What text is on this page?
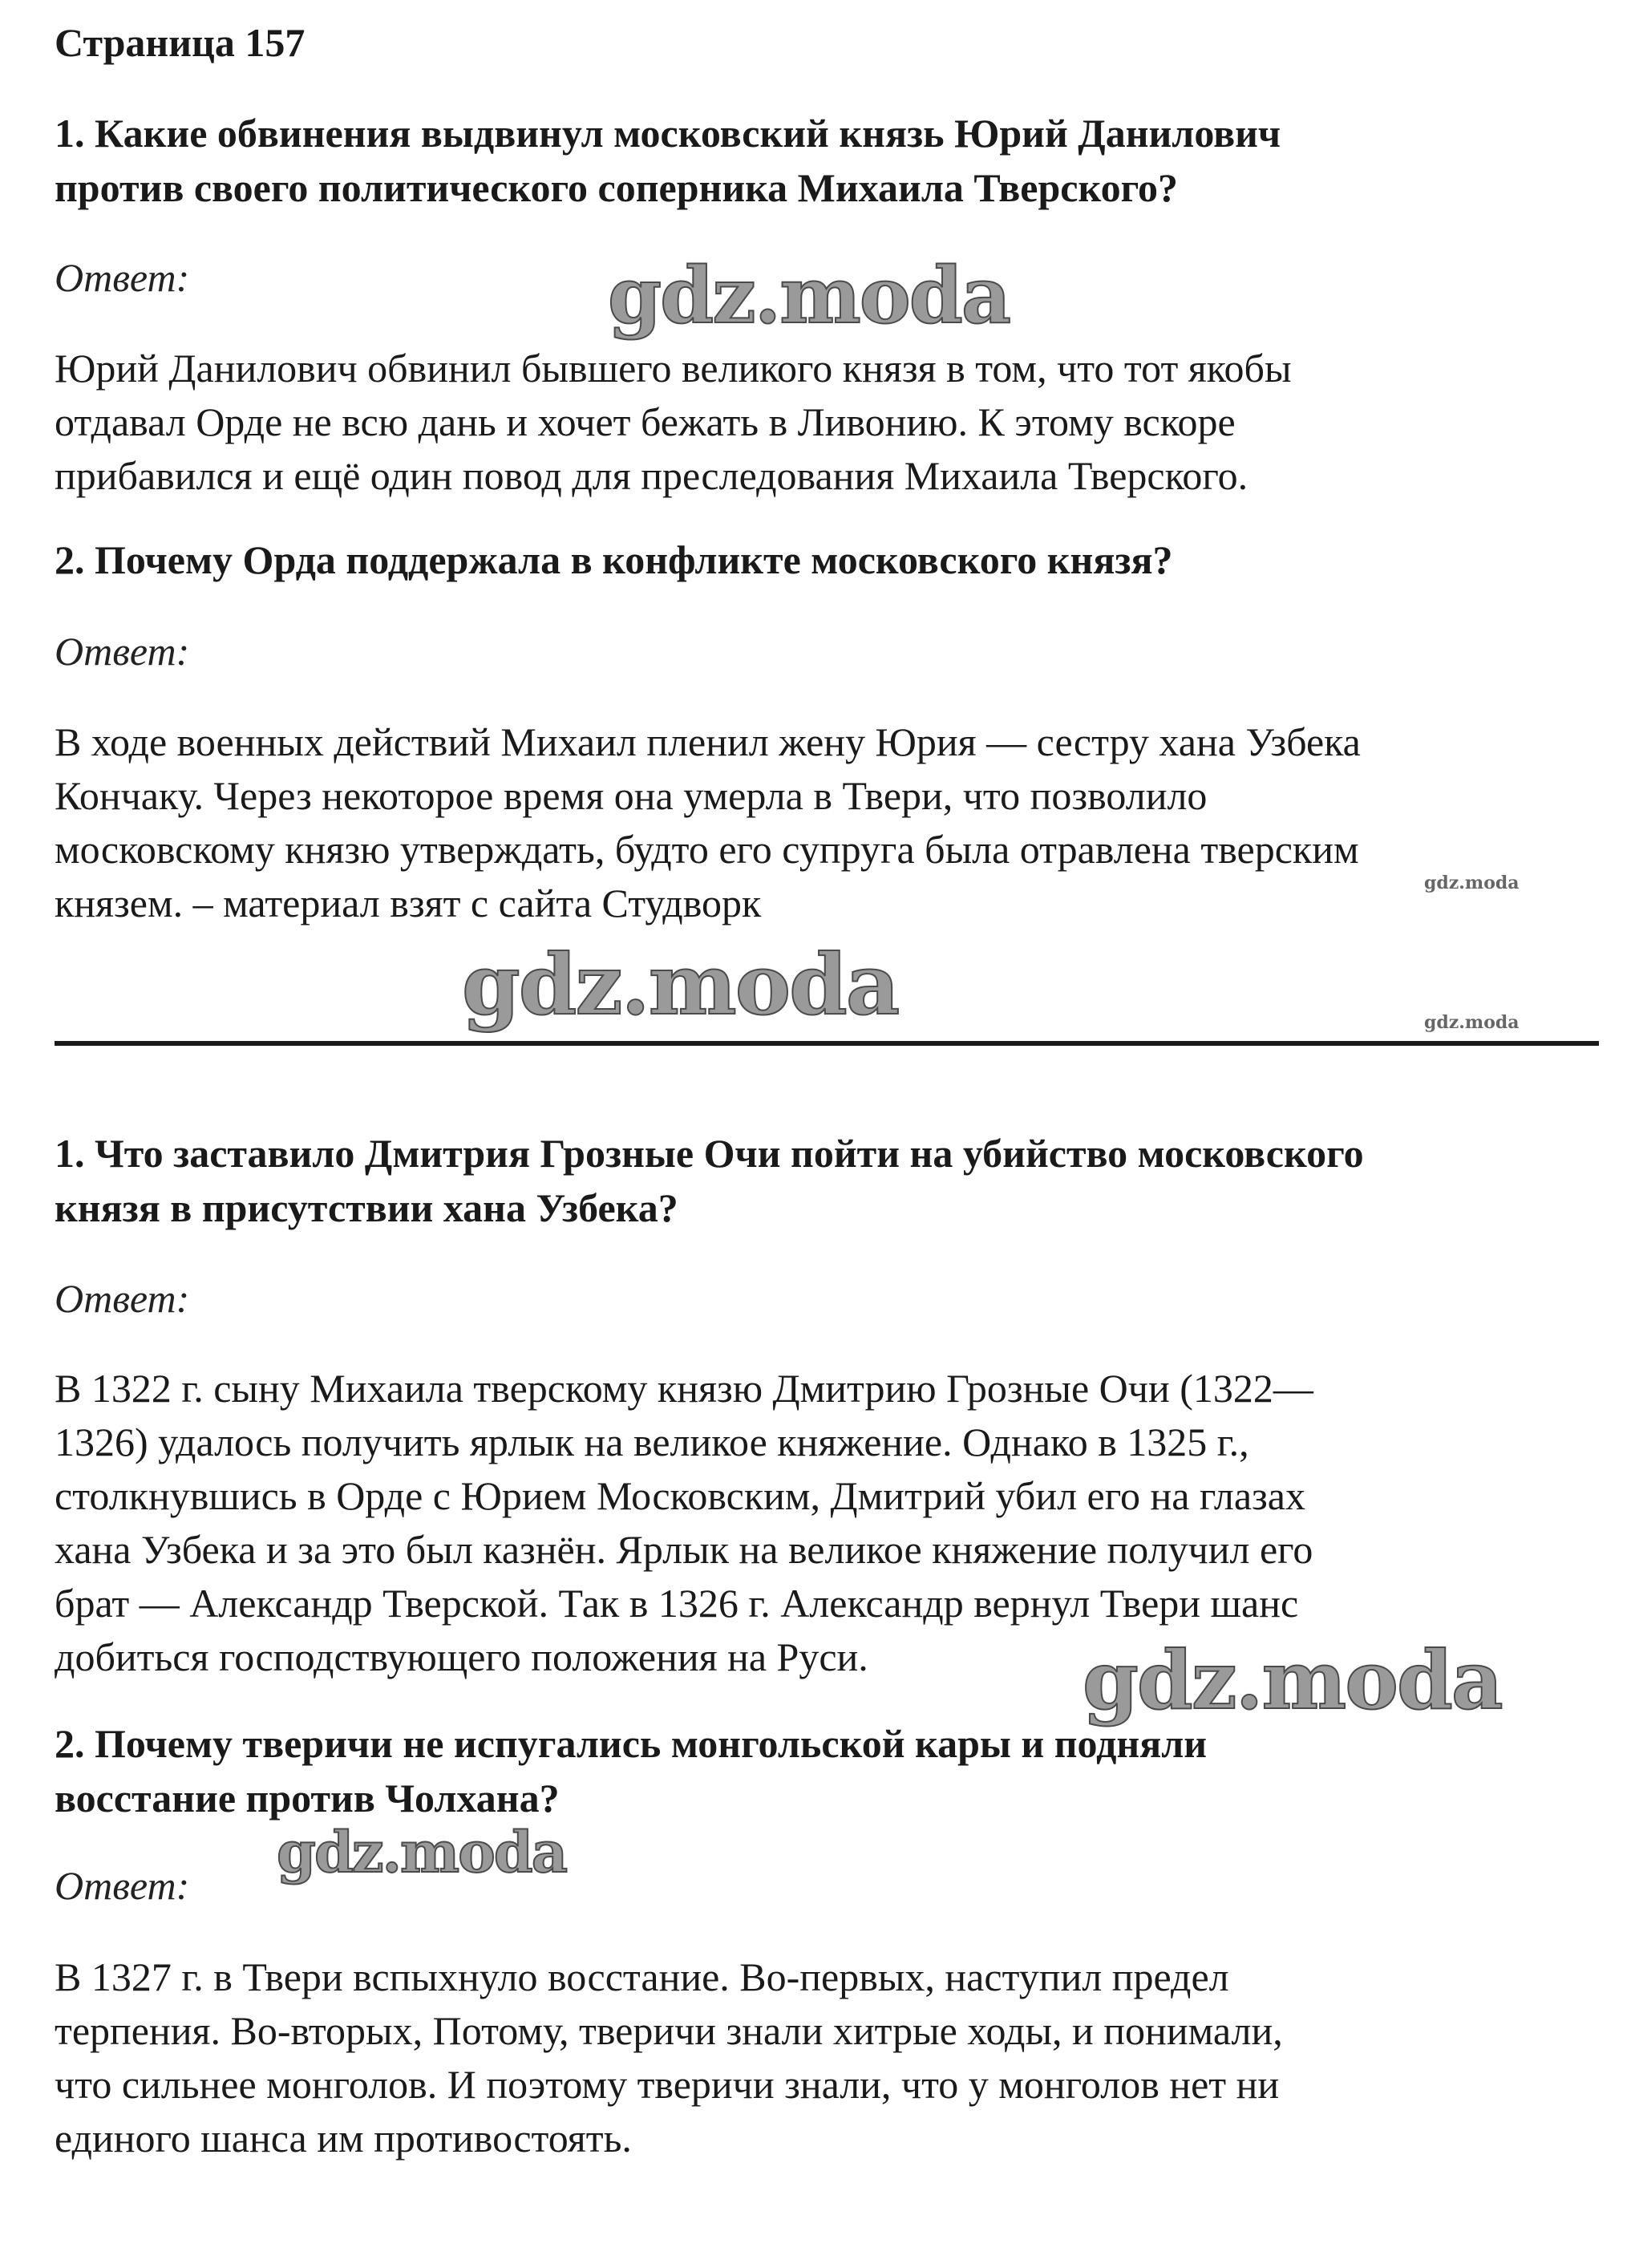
Страница 157
1. Какие обвинения выдвинул московский князь Юрий Данилович
против своего политического соперника Михаила Тверского?
Ответ:
Юрий Данилович обвинил бывшего великого князя в том, что тот якобы
отдавал Орде не всю дань и хочет бежать в Ливонию. К этому вскоре
прибавился и ещё один повод для преследования Михаила Тверского.
2. Почему Орда поддержала в конфликте московского князя?
Ответ:
В ходе военных действий Михаил пленил жену Юрия — сестру хана Узбека
Кончаку. Через некоторое время она умерла в Твери, что позволило
московскому князю утверждать, будто его супруга была отравлена тверским
князем. – материал взят с сайта Студворк
1. Что заставило Дмитрия Грозные Очи пойти на убийство московского
князя в присутствии хана Узбека?
Ответ:
В 1322 г. сыну Михаила тверскому князю Дмитрию Грозные Очи (1322—
1326) удалось получить ярлык на великое княжение. Однако в 1325 г.,
столкнувшись в Орде с Юрием Московским, Дмитрий убил его на глазах
хана Узбека и за это был казнён. Ярлык на великое княжение получил его
брат — Александр Тверской. Так в 1326 г. Александр вернул Твери шанс
добиться господствующего положения на Руси.
2. Почему тверичи не испугались монгольской кары и подняли
восстание против Чолхана?
Ответ:
В 1327 г. в Твери вспыхнуло восстание. Во-первых, наступил предел
терпения. Во-вторых, Потому, тверичи знали хитрые ходы, и понимали,
что сильнее монголов. И поэтому тверичи знали, что у монголов нет ни
единого шанса им противостоять.
gdz.moda
gdz.moda
gdz.moda
gdz.moda
gdz.moda
gdz.moda
